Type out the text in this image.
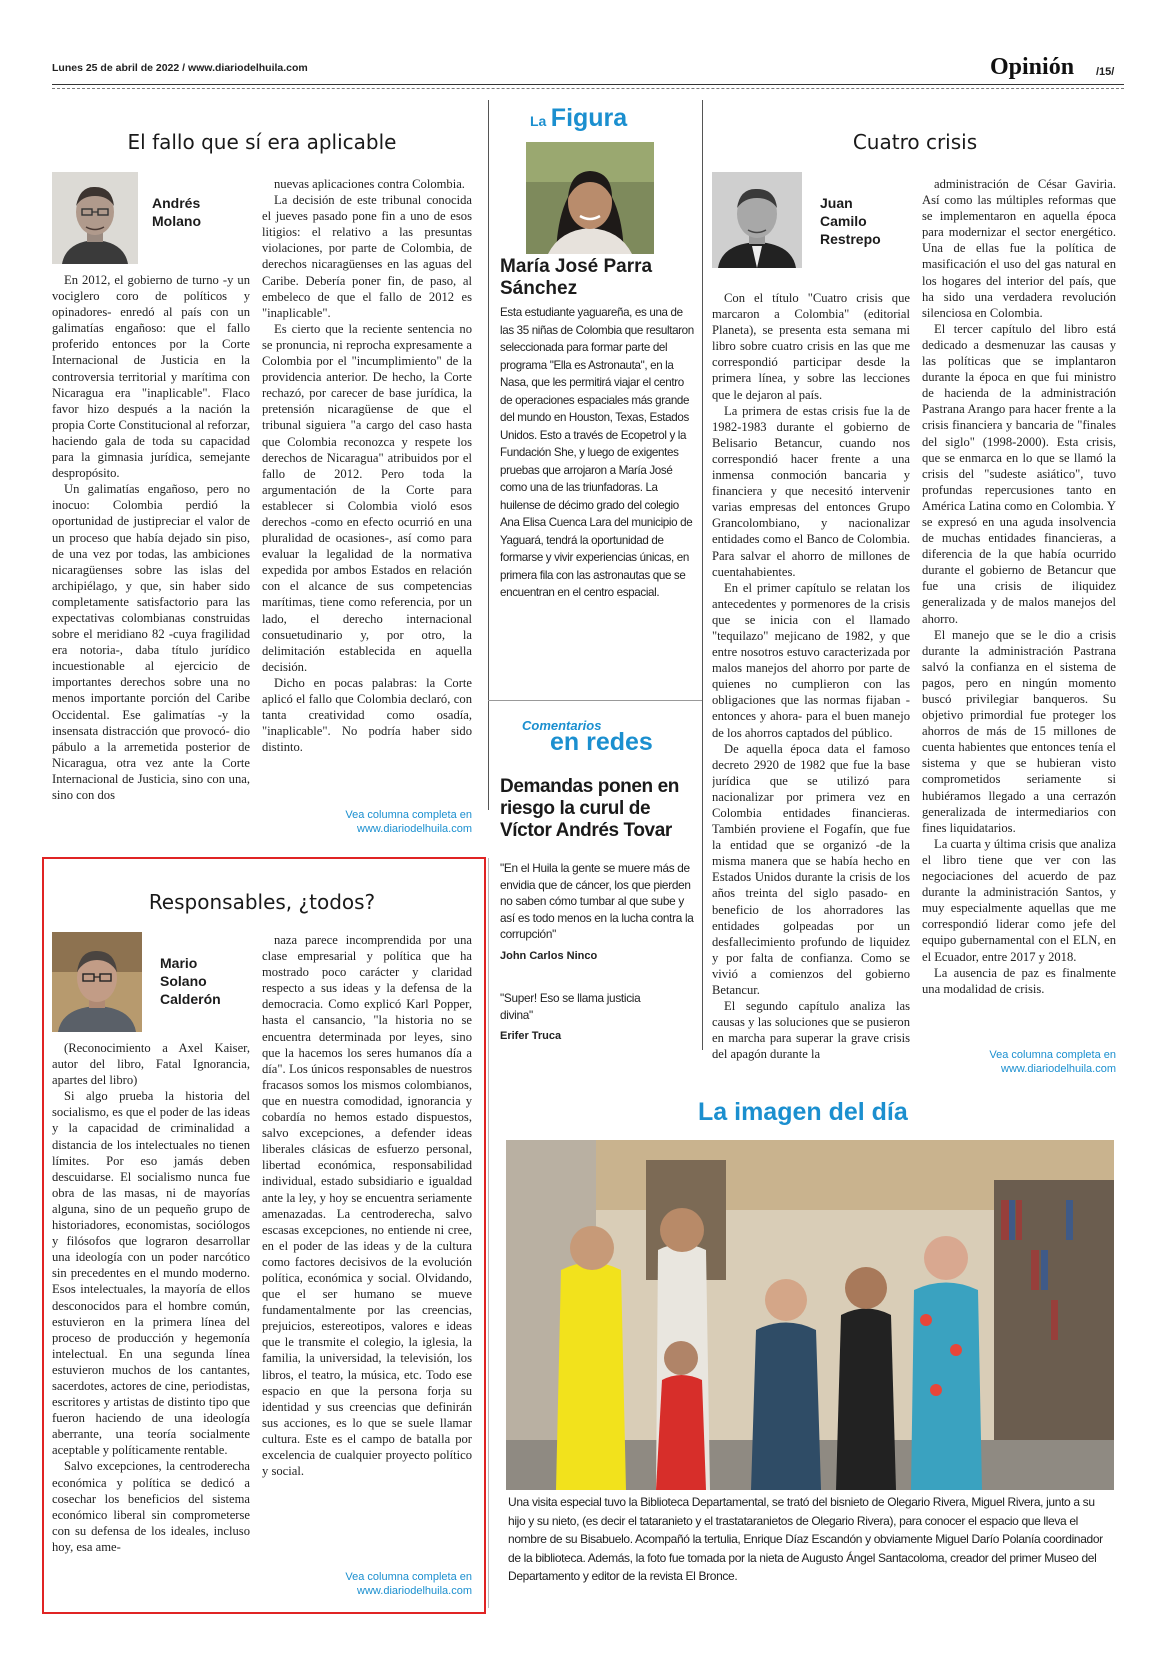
Lunes 25 de abril de 2022 / www.diariodelhuila.com	Opinión /15/
El fallo que sí era aplicable
Andrés
Molano

En 2012, el gobierno de turno -y un vociglero coro de políticos y opinadores- enredó al país con un galimatías engañoso: que el fallo proferido entonces por la Corte Internacional de Justicia en la controversia territorial y marítima con Nicaragua era "inaplicable". Flaco favor hizo después a la nación la propia Corte Constitucional al reforzar, haciendo gala de toda su capacidad para la gimnasia jurídica, semejante despropósito.

Un galimatías engañoso, pero no inocuo: Colombia perdió la oportunidad de justipreciar el valor de un proceso que había dejado sin piso, de una vez por todas, las ambiciones nicaragüenses sobre las islas del archipiélago, y que, sin haber sido completamente satisfactorio para las expectativas colombianas construidas sobre el meridiano 82 -cuya fragilidad era notoria-, daba título jurídico incuestionable al ejercicio de importantes derechos sobre una no menos importante porción del Caribe Occidental. Ese galimatías -y la insensata distracción que provocó- dio pábulo a la arremetida posterior de Nicaragua, otra vez ante la Corte Internacional de Justicia, sino con una, sino con dos

nuevas aplicaciones contra Colombia.

La decisión de este tribunal conocida el jueves pasado pone fin a uno de esos litigios: el relativo a las presuntas violaciones, por parte de Colombia, de derechos nicaragüenses en las aguas del Caribe. Debería poner fin, de paso, al embeleco de que el fallo de 2012 es "inaplicable".

Es cierto que la reciente sentencia no se pronuncia, ni reprocha expresamente a Colombia por el "incumplimiento" de la providencia anterior. De hecho, la Corte rechazó, por carecer de base jurídica, la pretensión nicaragüense de que el tribunal siguiera "a cargo del caso hasta que Colombia reconozca y respete los derechos de Nicaragua" atribuidos por el fallo de 2012. Pero toda la argumentación de la Corte para establecer si Colombia violó esos derechos -como en efecto ocurrió en una pluralidad de ocasiones-, así como para evaluar la legalidad de la normativa expedida por ambos Estados en relación con el alcance de sus competencias marítimas, tiene como referencia, por un lado, el derecho internacional consuetudinario y, por otro, la delimitación establecida en aquella decisión.

Dicho en pocas palabras: la Corte aplicó el fallo que Colombia declaró, con tanta creatividad como osadía, "inaplicable". No podría haber sido distinto.

Vea columna completa en
www.diariodelhuila.com
Responsables, ¿todos?
Mario
Solano
Calderón

(Reconocimiento a Axel Kaiser, autor del libro, Fatal Ignorancia, apartes del libro)

Si algo prueba la historia del socialismo, es que el poder de las ideas y la capacidad de criminalidad a distancia de los intelectuales no tienen límites. Por eso jamás deben descuidarse. El socialismo nunca fue obra de las masas, ni de mayorías alguna, sino de un pequeño grupo de historiadores, economistas, sociólogos y filósofos que lograron desarrollar una ideología con un poder narcótico sin precedentes en el mundo moderno. Esos intelectuales, la mayoría de ellos desconocidos para el hombre común, estuvieron en la primera línea del proceso de producción y hegemonía intelectual. En una segunda línea estuvieron muchos de los cantantes, sacerdotes, actores de cine, periodistas, escritores y artistas de distinto tipo que fueron haciendo de una ideología aberrante, una teoría socialmente aceptable y políticamente rentable.

Salvo excepciones, la centroderecha económica y política se dedicó a cosechar los beneficios del sistema económico liberal sin comprometerse con su defensa de los ideales, incluso hoy, esa ame-

naza parece incomprendida por una clase empresarial y política que ha mostrado poco carácter y claridad respecto a sus ideas y la defensa de la democracia. Como explicó Karl Popper, hasta el cansancio, "la historia no se encuentra determinada por leyes, sino que la hacemos los seres humanos día a día". Los únicos responsables de nuestros fracasos somos los mismos colombianos, que en nuestra comodidad, ignorancia y cobardía no hemos estado dispuestos, salvo excepciones, a defender ideas liberales clásicas de esfuerzo personal, libertad económica, responsabilidad individual, estado subsidiario e igualdad ante la ley, y hoy se encuentra seriamente amenazadas. La centroderecha, salvo escasas excepciones, no entiende ni cree, en el poder de las ideas y de la cultura como factores decisivos de la evolución política, económica y social. Olvidando, que el ser humano se mueve fundamentalmente por las creencias, prejuicios, estereotipos, valores e ideas que le transmite el colegio, la iglesia, la familia, la universidad, la televisión, los libros, el teatro, la música, etc. Todo ese espacio en que la persona forja su identidad y sus creencias que definirán sus acciones, es lo que se suele llamar cultura. Este es el campo de batalla por excelencia de cualquier proyecto político y social.

Vea columna completa en
www.diariodelhuila.com
La Figura
María José Parra
Sánchez
Esta estudiante yaguareña, es una de las 35 niñas de Colombia que resultaron seleccionada para formar parte del programa "Ella es Astronauta", en la Nasa, que les permitirá viajar el centro de operaciones espaciales más grande del mundo en Houston, Texas, Estados Unidos. Esto a través de Ecopetrol y la Fundación She, y luego de exigentes pruebas que arrojaron a María José como una de las triunfadoras. La huilense de décimo grado del colegio Ana Elisa Cuenca Lara del municipio de Yaguará, tendrá la oportunidad de formarse y vivir experiencias únicas, en primera fila con las astronautas que se encuentran en el centro espacial.
Comentarios
en redes
Demandas ponen en riesgo la curul de Víctor Andrés Tovar
"En el Huila la gente se muere más de envidia que de cáncer, los que pierden no saben cómo tumbar al que sube y así es todo menos en la lucha contra la corrupción"
John Carlos Ninco
"Super! Eso se llama justicia divina"
Erifer Truca
Cuatro crisis
Juan
Camilo
Restrepo

Con el título "Cuatro crisis que marcaron a Colombia" (editorial Planeta), se presenta esta semana mi libro sobre cuatro crisis en las que me correspondió participar desde la primera línea, y sobre las lecciones que le dejaron al país.

La primera de estas crisis fue la de 1982-1983 durante el gobierno de Belisario Betancur, cuando nos correspondió hacer frente a una inmensa conmoción bancaria y financiera y que necesitó intervenir varias empresas del entonces Grupo Grancolombiano, y nacionalizar entidades como el Banco de Colombia. Para salvar el ahorro de millones de cuentahabientes.

En el primer capítulo se relatan los antecedentes y pormenores de la crisis que se inicia con el llamado "tequilazo" mejicano de 1982, y que entre nosotros estuvo caracterizada por malos manejos del ahorro por parte de quienes no cumplieron con las obligaciones que las normas fijaban -entonces y ahora- para el buen manejo de los ahorros captados del público.

De aquella época data el famoso decreto 2920 de 1982 que fue la base jurídica que se utilizó para nacionalizar por primera vez en Colombia entidades financieras. También proviene el Fogafín, que fue la entidad que se organizó -de la misma manera que se había hecho en Estados Unidos durante la crisis de los años treinta del siglo pasado- en beneficio de los ahorradores las entidades golpeadas por un desfallecimiento profundo de liquidez y por falta de confianza. Como se vivió a comienzos del gobierno Betancur.

El segundo capítulo analiza las causas y las soluciones que se pusieron en marcha para superar la grave crisis del apagón durante la

administración de César Gaviria. Así como las múltiples reformas que se implementaron en aquella época para modernizar el sector energético. Una de ellas fue la política de masificación el uso del gas natural en los hogares del interior del país, que ha sido una verdadera revolución silenciosa en Colombia.

El tercer capítulo del libro está dedicado a desmenuzar las causas y las políticas que se implantaron durante la época en que fui ministro de hacienda de la administración Pastrana Arango para hacer frente a la crisis financiera y bancaria de "finales del siglo" (1998-2000). Esta crisis, que se enmarca en lo que se llamó la crisis del "sudeste asiático", tuvo profundas repercusiones tanto en América Latina como en Colombia. Y se expresó en una aguda insolvencia de muchas entidades financieras, a diferencia de la que había ocurrido durante el gobierno de Betancur que fue una crisis de iliquidez generalizada y de malos manejos del ahorro.

El manejo que se le dio a crisis durante la administración Pastrana salvó la confianza en el sistema de pagos, pero en ningún momento buscó privilegiar banqueros. Su objetivo primordial fue proteger los ahorros de más de 15 millones de cuenta habientes que entonces tenía el sistema y que se hubieran visto comprometidos seriamente si hubiéramos llegado a una cerrazón generalizada de intermediarios con fines liquidatarios.

La cuarta y última crisis que analiza el libro tiene que ver con las negociaciones del acuerdo de paz durante la administración Santos, y muy especialmente aquellas que me correspondió liderar como jefe del equipo gubernamental con el ELN, en el Ecuador, entre 2017 y 2018.

La ausencia de paz es finalmente una modalidad de crisis.

Vea columna completa en
www.diariodelhuila.com
La imagen del día
Una visita especial tuvo la Biblioteca Departamental, se trató del bisnieto de Olegario Rivera, Miguel Rivera, junto a su hijo y su nieto, (es decir el tataranieto y el trastataranietos de Olegario Rivera), para conocer el espacio que lleva el nombre de su Bisabuelo. Acompañó la tertulia, Enrique Díaz Escandón y obviamente Miguel Darío Polanía coordinador de la biblioteca. Además, la foto fue tomada por la nieta de Augusto Ángel Santacoloma, creador del primer Museo del Departamento y editor de la revista El Bronce.
